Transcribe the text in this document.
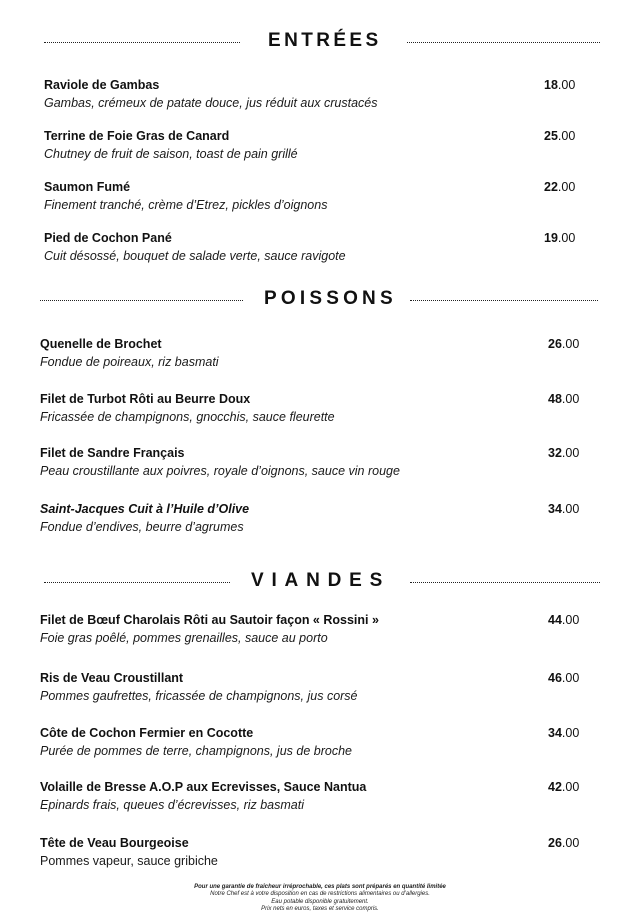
ENTRÉES
Raviole de Gambas
Gambas, crémeux de patate douce, jus réduit aux crustacés
18.00
Terrine de Foie Gras de Canard
Chutney de fruit de saison, toast de pain grillé
25.00
Saumon Fumé
Finement tranché, crème d’Etrez, pickles d’oignons
22.00
Pied de Cochon Pané
Cuit désossé, bouquet de salade verte, sauce ravigote
19.00
POISSONS
Quenelle de Brochet
Fondue de poireaux, riz basmati
26.00
Filet de Turbot Rôti au Beurre Doux
Fricassée de champignons, gnocchis, sauce fleurette
48.00
Filet de Sandre Français
Peau croustillante aux poivres, royale d’oignons, sauce vin rouge
32.00
Saint-Jacques Cuit à l’Huile d’Olive
Fondue d’endives, beurre d’agrumes
34.00
VIANDES
Filet de Bœuf Charolais Rôti au Sautoir façon « Rossini »
Foie gras poêlé, pommes grenailles, sauce au porto
44.00
Ris de Veau Croustillant
Pommes gaufrettes, fricassée de champignons, jus corsé
46.00
Côte de Cochon Fermier en Cocotte
Purée de pommes de terre, champignons, jus de broche
34.00
Volaille de Bresse A.O.P aux Ecrevisses, Sauce Nantua
Epinards frais, queues d’écrevisses, riz basmati
42.00
Tête de Veau Bourgeoise
Pommes vapeur, sauce gribiche
26.00
Pour une garantie de fraîcheur irréprochable, ces plats sont préparés en quantité limitée
Notre Chef est à votre disposition en cas de restrictions alimentaires ou d’allergies.
Eau potable disponible gratuitement.
Prix nets en euros, taxes et service compris.
